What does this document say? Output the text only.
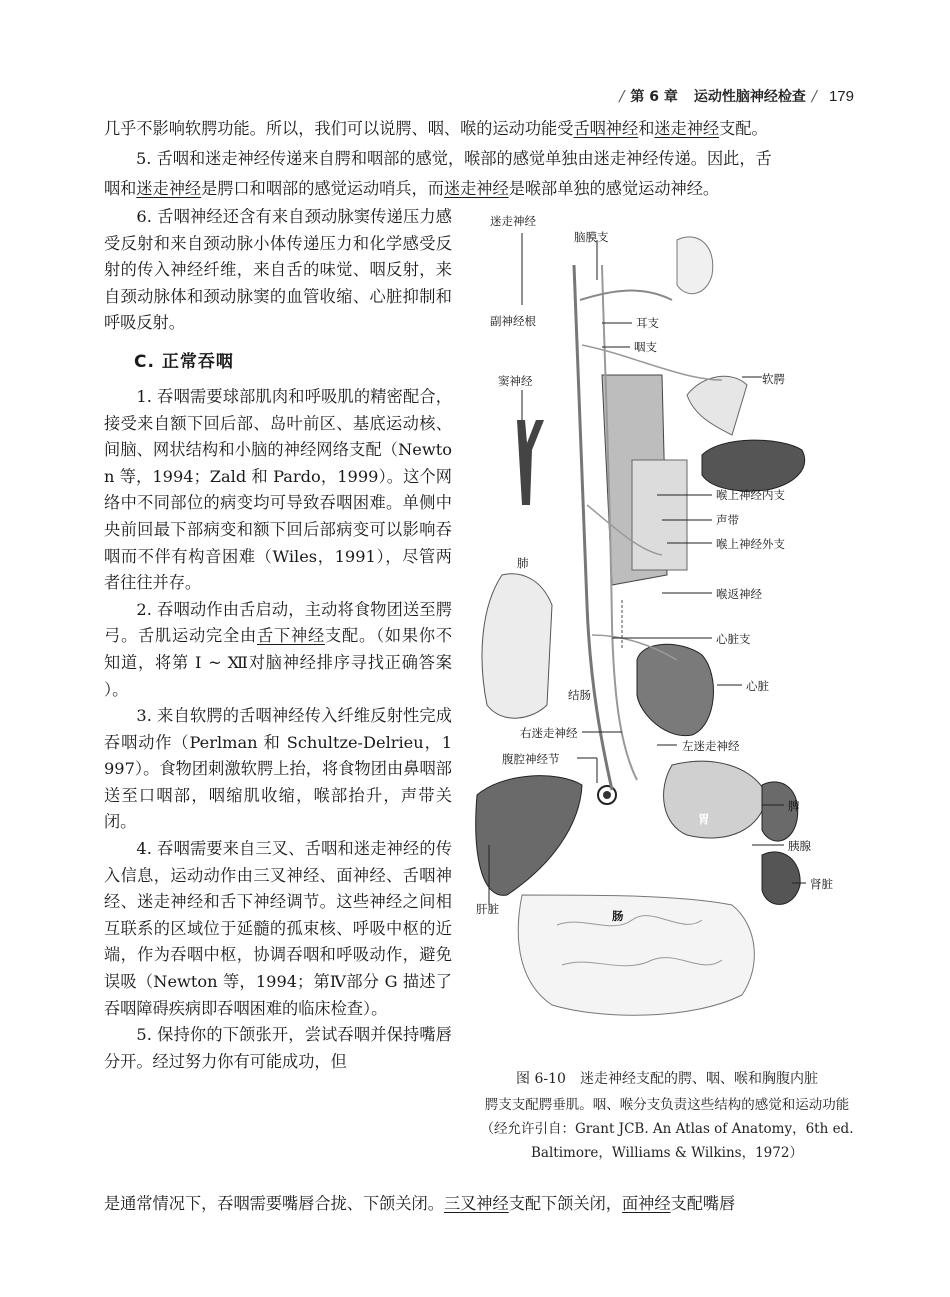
/ 第 6 章 运动性脑神经检查 / 179
几乎不影响软腭功能。所以，我们可以说腭、咽、喉的运动功能受舌咽神经和迷走神经支配。
5. 舌咽和迷走神经传递来自腭和咽部的感觉，喉部的感觉单独由迷走神经传递。因此，舌
咽和迷走神经是腭口和咽部的感觉运动哨兵，而迷走神经是喉部单独的感觉运动神经。

6. 舌咽神经还含有来自颈动脉窦传递压力感受反射和来自颈动脉小体传递压力和化学感受反射的传入神经纤维，来自舌的味觉、咽反射，来自颈动脉体和颈动脉窦的血管收缩、心脏抑制和呼吸反射。

C. 正常吞咽

1. 吞咽需要球部肌肉和呼吸肌的精密配合，接受来自额下回后部、岛叶前区、基底运动核、间脑、网状结构和小脑的神经网络支配（Newton 等，1994；Zald 和 Pardo，1999）。这个网络中不同部位的病变均可导致吞咽困难。单侧中央前回最下部病变和额下回后部病变可以影响吞咽而不伴有构音困难（Wiles，1991），尽管两者往往并存。

2. 吞咽动作由舌启动，主动将食物团送至腭弓。舌肌运动完全由舌下神经支配。（如果你不知道，将第 Ⅰ ~ Ⅻ对脑神经排序寻找正确答案 ）。

3. 来自软腭的舌咽神经传入纤维反射性完成吞咽动作（Perlman 和 Schultze-Delrieu，1997）。食物团刺激软腭上抬，将食物团由鼻咽部送至口咽部，咽缩肌收缩，喉部抬升，声带关闭。

4. 吞咽需要来自三叉、舌咽和迷走神经的传入信息，运动动作由三叉神经、面神经、舌咽神经、迷走神经和舌下神经调节。这些神经之间相互联系的区域位于延髓的孤束核、呼吸中枢的近端，作为吞咽中枢，协调吞咽和呼吸动作，避免误吸（Newton 等，1994；第Ⅳ部分 G 描述了吞咽障碍疾病即吞咽困难的临床检查）。

5. 保持你的下颌张开，尝试吞咽并保持嘴唇分开。经过努力你有可能成功，但

迷走神经
脑膜支
副神经根	耳支
咽支
窦神经	软腭
喉上神经内支
声带
喉上神经外支
肺
喉返神经
心脏支
结肠
心脏
右迷走神经
左迷走神经
腹腔神经节
脾
胃
胰腺
肾脏
肝脏	肠
图 6-10　迷走神经支配的腭、咽、喉和胸腹内脏
腭支支配腭垂肌。咽、喉分支负责这些结构的感觉和运动功能
（经允许引自：Grant JCB. An Atlas of Anatomy，6th ed.
Baltimore，Williams & Wilkins，1972）
是通常情况下，吞咽需要嘴唇合拢、下颌关闭。三叉神经支配下颌关闭，面神经支配嘴唇
